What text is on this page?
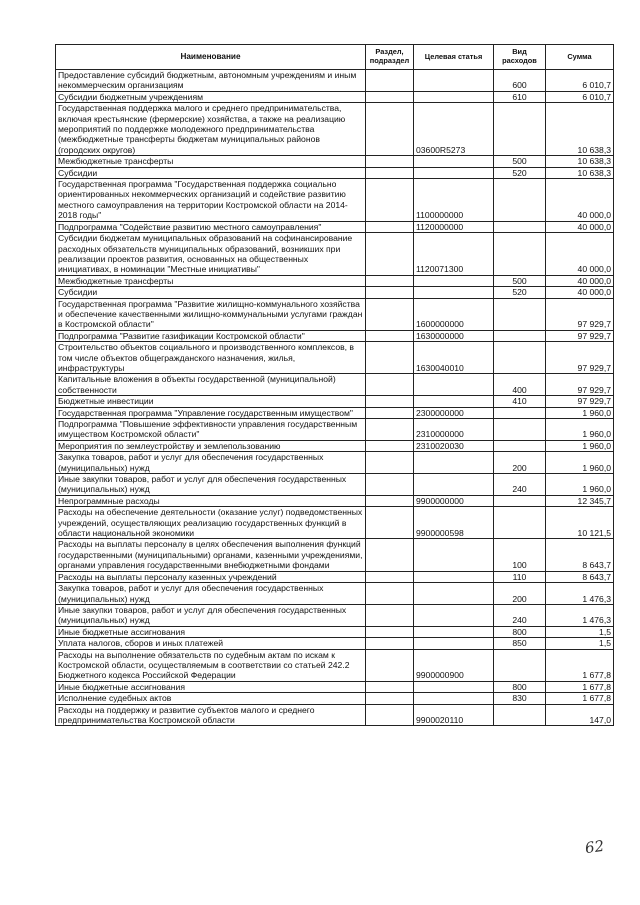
Наименование	Раздел, подраздел	Целевая статья	Вид расходов	Сумма
Предоставление субсидий бюджетным, автономным учреждениям и иным некоммерческим организациям			600	6 010,7
Субсидии бюджетным учреждениям			610	6 010,7
Государственная поддержка малого и среднего предпринимательства, включая крестьянские (фермерские) хозяйства, а также на реализацию мероприятий по поддержке молодежного предпринимательства (межбюджетные трансферты бюджетам муниципальных районов (городских округов)		03600R5273		10 638,3
Межбюджетные трансферты			500	10 638,3
Субсидии			520	10 638,3
Государственная программа "Государственная поддержка социально ориентированных некоммерческих организаций и содействие развитию местного самоуправления на территории Костромской области на 2014-2018 годы"		1100000000		40 000,0
Подпрограмма "Содействие развитию местного самоуправления"		1120000000		40 000,0
Субсидии бюджетам муниципальных образований на софинансирование расходных обязательств муниципальных образований, возникших при реализации проектов развития, основанных на общественных инициативах, в номинации "Местные инициативы"		1120071300		40 000,0
Межбюджетные трансферты			500	40 000,0
Субсидии			520	40 000,0
Государственная программа "Развитие жилищно-коммунального хозяйства и обеспечение качественными жилищно-коммунальными услугами граждан в Костромской области"		1600000000		97 929,7
Подпрограмма "Развитие газификации Костромской области"		1630000000		97 929,7
Строительство объектов социального и производственного комплексов, в том числе объектов общегражданского назначения, жилья, инфраструктуры		1630040010		97 929,7
Капитальные вложения в объекты государственной (муниципальной) собственности			400	97 929,7
Бюджетные инвестиции			410	97 929,7
Государственная программа "Управление государственным имуществом"		2300000000		1 960,0
Подпрограмма "Повышение эффективности управления государственным имуществом Костромской области"		2310000000		1 960,0
Мероприятия по землеустройству и землепользованию		2310020030		1 960,0
Закупка товаров, работ и услуг для обеспечения государственных (муниципальных) нужд			200	1 960,0
Иные закупки товаров, работ и услуг для обеспечения государственных (муниципальных) нужд			240	1 960,0
Непрограммные расходы		9900000000		12 345,7
Расходы на обеспечение деятельности (оказание услуг) подведомственных учреждений, осуществляющих реализацию государственных функций в области национальной экономики		9900000598		10 121,5
Расходы на выплаты персоналу в целях обеспечения выполнения функций государственными (муниципальными) органами, казенными учреждениями, органами управления государственными внебюджетными фондами			100	8 643,7
Расходы на выплаты персоналу казенных учреждений			110	8 643,7
Закупка товаров, работ и услуг для обеспечения государственных (муниципальных) нужд			200	1 476,3
Иные закупки товаров, работ и услуг для обеспечения государственных (муниципальных) нужд			240	1 476,3
Иные бюджетные ассигнования			800	1,5
Уплата налогов, сборов и иных платежей			850	1,5
Расходы на выполнение обязательств по судебным актам по искам к Костромской области, осуществляемым в соответствии со статьей 242.2 Бюджетного кодекса Российской Федерации		9900000900		1 677,8
Иные бюджетные ассигнования			800	1 677,8
Исполнение судебных актов			830	1 677,8
Расходы на поддержку и развитие субъектов малого и среднего предпринимательства Костромской области		9900020110		147,0
62
